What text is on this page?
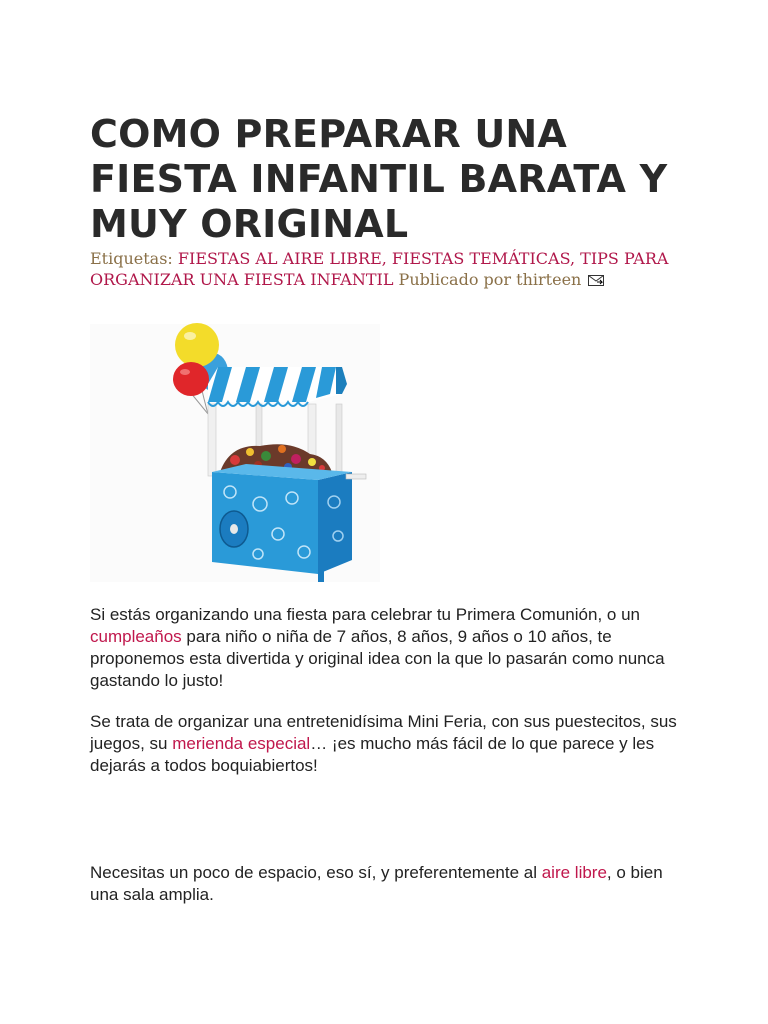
COMO PREPARAR UNA FIESTA INFANTIL BARATA Y MUY ORIGINAL
Etiquetas: FIESTAS AL AIRE LIBRE, FIESTAS TEMÁTICAS, TIPS PARA ORGANIZAR UNA FIESTA INFANTIL Publicado por thirteen

Si estás organizando una fiesta para celebrar tu Primera Comunión, o un cumpleaños para niño o niña de 7 años, 8 años, 9 años o 10 años, te proponemos esta divertida y original idea con la que lo pasarán como nunca gastando lo justo!

Se trata de organizar una entretenidísima Mini Feria, con sus puestecitos, sus juegos, su merienda especial… ¡es mucho más fácil de lo que parece y les dejarás a todos boquiabiertos!

Necesitas un poco de espacio, eso sí, y preferentemente al aire libre, o bien una sala amplia.
